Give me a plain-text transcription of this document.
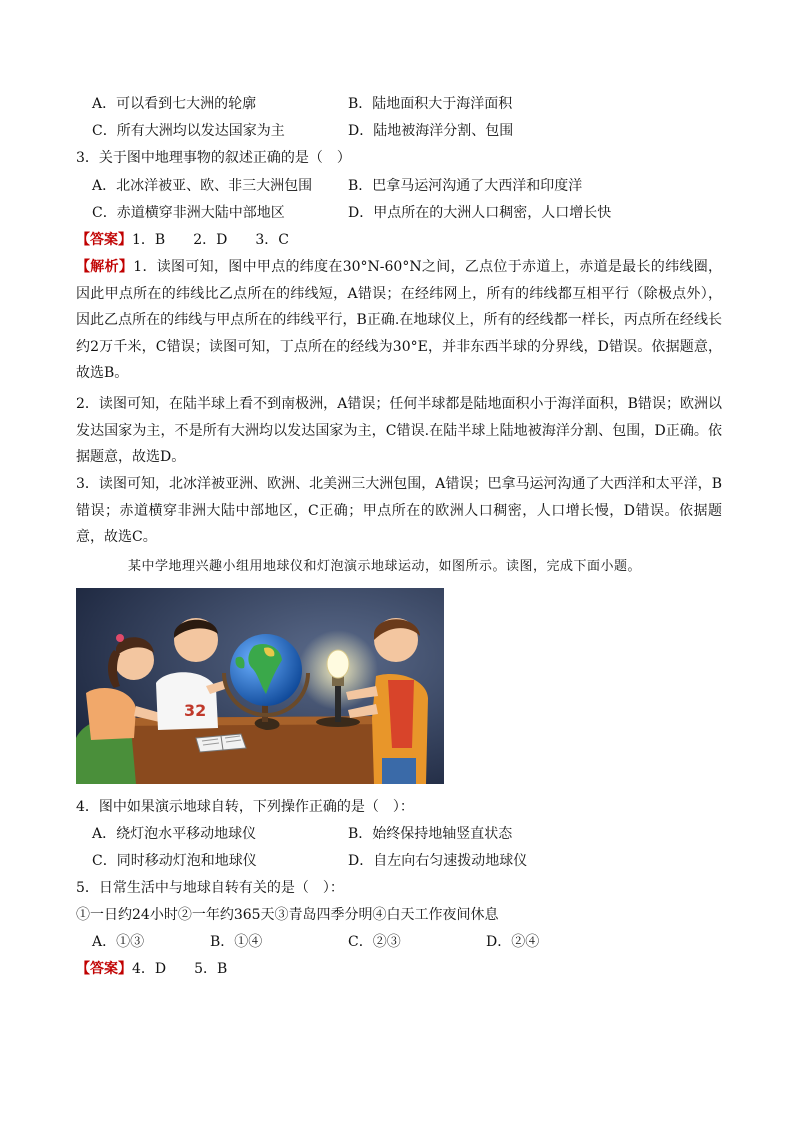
A．可以看到七大洲的轮廓	B．陆地面积大于海洋面积
C．所有大洲均以发达国家为主	D．陆地被海洋分割、包围
3．关于图中地理事物的叙述正确的是（　）
A．北冰洋被亚、欧、非三大洲包围	B．巴拿马运河沟通了大西洋和印度洋
C．赤道横穿非洲大陆中部地区	D．甲点所在的大洲人口稠密，人口增长快
【答案】1．B　　2．D　　3．C
【解析】1．读图可知，图中甲点的纬度在30°N-60°N之间，乙点位于赤道上，赤道是最长的纬线圈，因此甲点所在的纬线比乙点所在的纬线短，A错误；在经纬网上，所有的纬线都互相平行（除极点外），因此乙点所在的纬线与甲点所在的纬线平行，B正确.在地球仪上，所有的经线都一样长，丙点所在经线长约2万千米，C错误；读图可知，丁点所在的经线为30°E，并非东西半球的分界线，D错误。依据题意，故选B。
2．读图可知，在陆半球上看不到南极洲，A错误；任何半球都是陆地面积小于海洋面积，B错误；欧洲以发达国家为主，不是所有大洲均以发达国家为主，C错误.在陆半球上陆地被海洋分割、包围，D正确。依据题意，故选D。
3．读图可知，北冰洋被亚洲、欧洲、北美洲三大洲包围，A错误；巴拿马运河沟通了大西洋和太平洋，B错误；赤道横穿非洲大陆中部地区，C正确；甲点所在的欧洲人口稠密，人口增长慢，D错误。依据题意，故选C。
某中学地理兴趣小组用地球仪和灯泡演示地球运动，如图所示。读图，完成下面小题。
32
4．图中如果演示地球自转，下列操作正确的是（　）：
A．绕灯泡水平移动地球仪	B．始终保持地轴竖直状态
C．同时移动灯泡和地球仪	D．自左向右匀速拨动地球仪
5．日常生活中与地球自转有关的是（　）：
①一日约24小时②一年约365天③青岛四季分明④白天工作夜间休息
A．①③	B．①④	C．②③	D．②④
【答案】4．D　　5．B
